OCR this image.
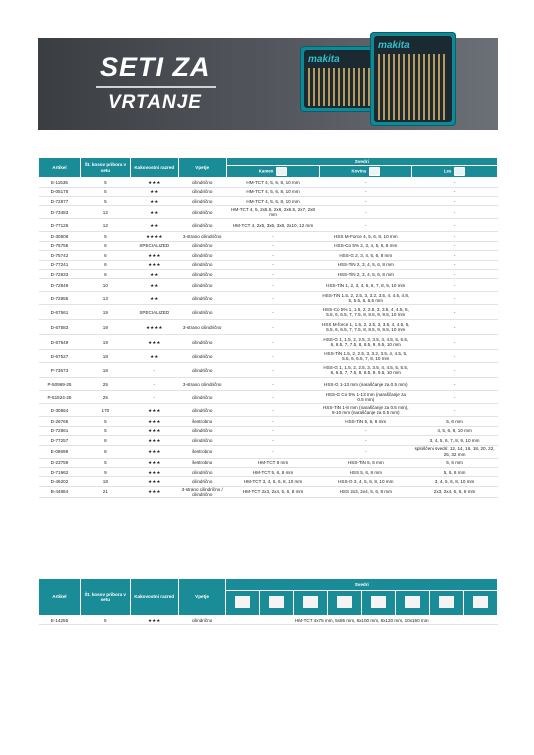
SETI ZA
VRTANJE
makita
makita
Artikel	Št. kosov pribora v setu	Kakovostni razred	Vpetje	Svedri		
				Kamen	Kovina	Les
E-11536	5	★★★	cilindrično	HM-TCT 4, 5, 6, 8, 10 mm	-	-
D-05175	5	★★	cilindrično	HM-TCT 4, 5, 6, 8, 10 mm	-	-
D-72877	5	★★	cilindrično	HM-TCT 4, 5, 6, 8, 10 mm	-	-
D-73483	12	★★	cilindrično	HM-TCT 4, 5, 2x5.5, 2x6, 2x6.5, 2x7, 2x8 mm	-	-
D-77126	12	★★	cilindrično	HM-TCT 4, 2x5, 3x6, 3x8, 2x10, 12 mm	-	-
D-30508	5	★★★★	3-strano cilindrično	-	HSS M-Force 4, 5, 6, 8, 10 mm	-
D-75758	6	SPECIALIZED	cilindrično	-	HSS-Co 5% 2, 3, 4, 5, 6, 8 mm	-
D-75742	6	★★★	cilindrično	-	HSS-G 2, 3, 4, 5, 6, 8 mm	-
D-77241	6	★★★	cilindrično	-	HSS-TiN 2, 3, 4, 5, 6, 8 mm	-
D-72833	6	★★	cilindrično	-	HSS-TiN 2, 3, 4, 5, 6, 8 mm	-
D-72849	10	★★	cilindrično	-	HSS-TiN 1, 2, 3, 4, 5, 6, 7, 8, 9, 10 mm	-
D-72855	13	★★	cilindrično	-	HSS-TiN 1.5, 2, 2.5, 3, 3.2, 3.5, 4, 4.5, 4.8, 5, 5.5, 6, 6.5 mm	-
D-67561	19	SPECIALIZED	cilindrično	-	HSS-Co 5% 1, 1.5, 2, 2.5, 3, 3.5, 4, 4.5, 5, 5.5, 6, 6.5, 7, 7.5, 8, 8.5, 9, 9.5, 10 mm	-
D-67583	19	★★★★	3-strano cilindrično	-	HSS M-force 1, 1.5, 2, 2.5, 3, 3.5, 4, 4.5, 5, 5.5, 6, 6.5, 7, 7.5, 8, 8.5, 9, 9.5, 10 mm	-
D-67549	19	★★★	cilindrično	-	HSS-G 1, 1.5, 2, 2.5, 3, 3.5, 4, 4.5, 5, 5.5, 6, 6.5, 7, 7.5, 8, 8.5, 9, 9.5, 10 mm	-
D-67527	18	★★	cilindrično	-	HSS-TiN 1.5, 2, 2.5, 3, 3.2, 3.5, 4, 4.5, 5, 5.5, 6, 6.5, 7, 8, 10 mm	-
P-73673	18	-	cilindrično	-	HSS-G 1, 1.5, 2, 2.5, 3, 3.5, 4, 4.5, 5, 5.5, 6, 6.5, 7, 7.5, 8, 8.5, 9, 9.5, 10 mm	-
P-50969-25	25	-	3-strano cilindrično	-	HSS-G 1-13 mm (naraščanje za 0.5 mm)	-
P-51524-25	25	-	cilindrično	-	HSS-G Co 5% 1-13 mm (naraščanje za 0.5 mm)	-
D-30564	170	★★★	cilindrično	-	HSS-TiN 1-8 mm (naraščanje za 0.5 mm), 8-10 mm (naraščanje za 0.5 mm)	-
D-26766	5	★★★	šestrobno	-	HSS-TiN 5, 6, 8 mm	5, 6 mm
D-72861	5	★★★	cilindrično	-	-	4, 5, 6, 8, 10 mm
D-77257	8	★★★	cilindrično	-	-	3, 4, 5, 6, 7, 8, 9, 10 mm
E-08698	8	★★★	šestrobno	-	-	sploščeni svedri: 12, 14, 16, 18, 20, 22, 25, 32 mm
D-23759	5	★★★	šestrobno	HM-TCT 8 mm	HSS-TiN 5, 6 mm	5, 6 mm
D-71962	9	★★★	cilindrično	HM-TCT 5, 6, 8 mm	HSS 5, 6, 8 mm	5, 6, 8 mm
D-46202	18	★★★	cilindrično	HM-TCT 3, 4, 5, 6, 8, 10 mm	HSS-G 3, 4, 5, 6, 8, 10 mm	3, 4, 5, 6, 8, 10 mm
B-44884	21	★★★	3-strano cilindrično / cilindrično	HM-TCT 2x3, 2x4, 5, 6, 8 mm	HSS 2x3, 2x4, 5, 6, 8 mm	2x3, 2x4, 5, 6, 8 mm
Artikel	Št. kosov pribora v setu	Kakovostni razred	Vpetje	Svedri							

E-14255	5	★★★	cilindrično	HM-TCT 4x75 mm, 5x85 mm, 6x100 mm, 8x120 mm, 10x150 mm							
